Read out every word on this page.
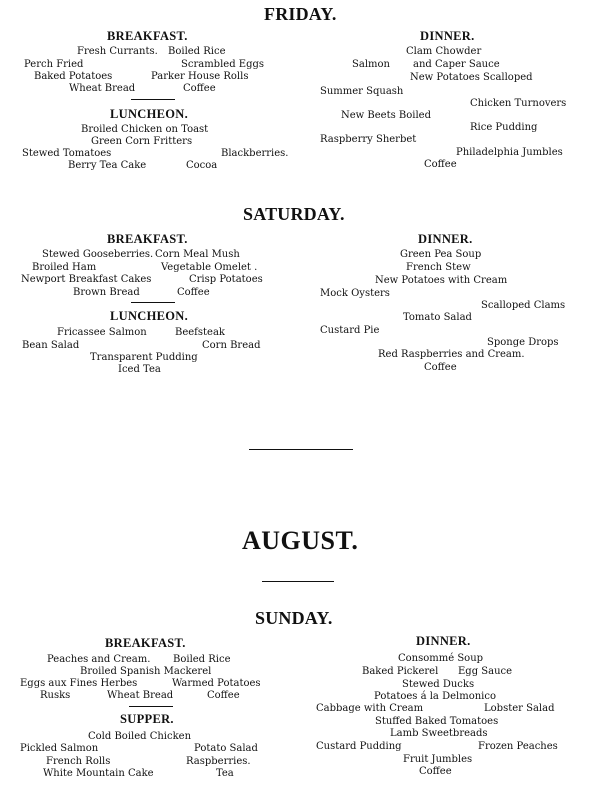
FRIDAY.
BREAKFAST.
Fresh Currants. Boiled Rice
Perch Fried	Scrambled Eggs
Baked Potatoes	Parker House Rolls
Wheat Bread	Coffee
LUNCHEON.
Broiled Chicken on Toast
Green Corn Fritters
Stewed Tomatoes	Blackberries.
Berry Tea Cake	Cocoa
DINNER.
Clam Chowder
Salmon and Caper Sauce
New Potatoes Scalloped
Summer Squash
Chicken Turnovers
New Beets Boiled
Rice Pudding
Raspberry Sherbet
Philadelphia Jumbles
Coffee
SATURDAY.
BREAKFAST.
Stewed Gooseberries. Corn Meal Mush
Broiled Ham	Vegetable Omelet .
Newport Breakfast Cakes	Crisp Potatoes
Brown Bread	Coffee
LUNCHEON.
Fricassee Salmon	Beefsteak
Bean Salad	Corn Bread
Transparent Pudding
Iced Tea
DINNER.
Green Pea Soup
French Stew
New Potatoes with Cream
Mock Oysters
Scalloped Clams
Tomato Salad
Custard Pie
Sponge Drops
Red Raspberries and Cream.
Coffee
AUGUST.
SUNDAY.
BREAKFAST.
Peaches and Cream. Boiled Rice
Broiled Spanish Mackerel
Eggs aux Fines Herbes	Warmed Potatoes
Rusks	Wheat Bread	Coffee
SUPPER.
Cold Boiled Chicken
Pickled Salmon	Potato Salad
French Rolls	Raspberries.
White Mountain Cake	Tea
DINNER.
Consommé Soup
Baked Pickerel Egg Sauce
Stewed Ducks
Potatoes á la Delmonico
Cabbage with Cream	Lobster Salad
Stuffed Baked Tomatoes
Lamb Sweetbreads
Custard Pudding	Frozen Peaches
Fruit Jumbles
Coffee
